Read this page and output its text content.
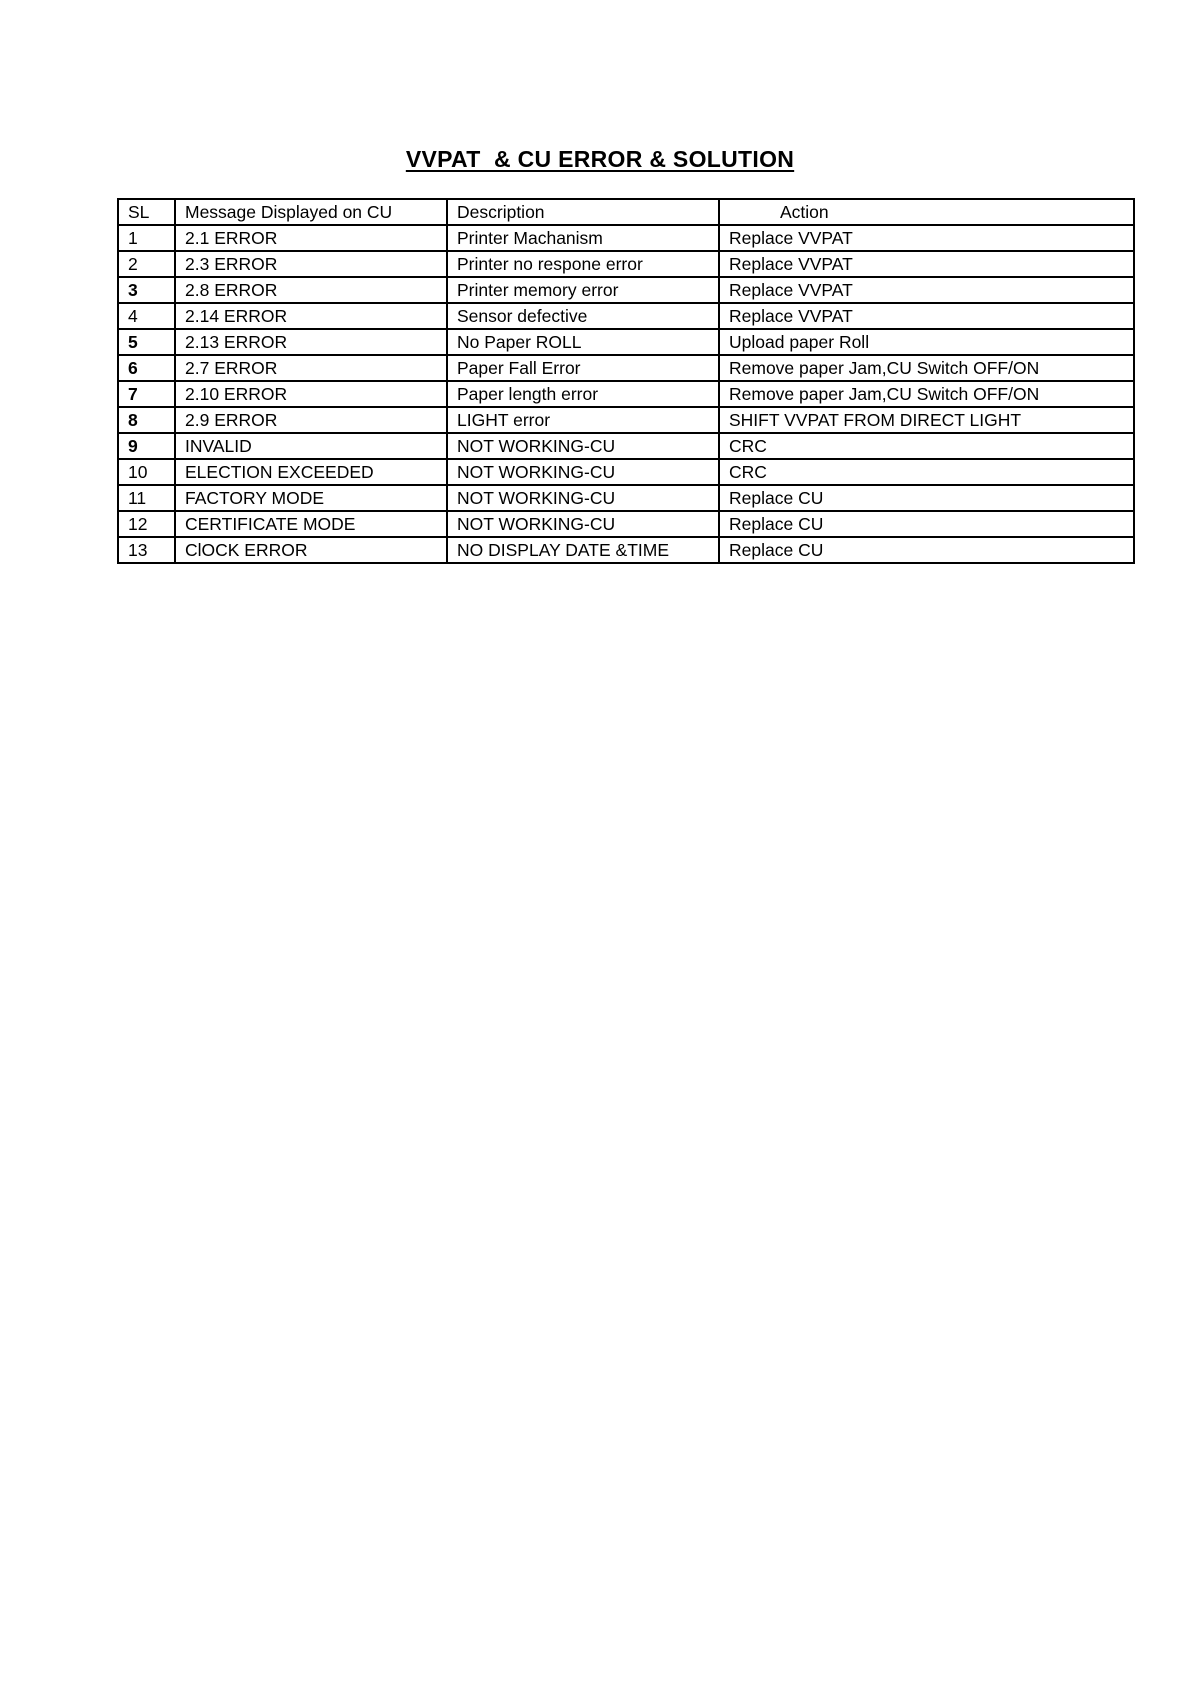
VVPAT  & CU ERROR & SOLUTION
SL	Message Displayed on CU	Description	Action
1	2.1 ERROR	Printer Machanism	Replace VVPAT
2	2.3 ERROR	Printer no respone error	Replace VVPAT
3	2.8 ERROR	Printer memory error	Replace VVPAT
4	2.14 ERROR	Sensor defective	Replace VVPAT
5	2.13 ERROR	No Paper ROLL	Upload paper Roll
6	2.7 ERROR	Paper Fall Error	Remove paper Jam,CU Switch OFF/ON
7	2.10 ERROR	Paper length error	Remove paper Jam,CU Switch OFF/ON
8	2.9 ERROR	LIGHT error	SHIFT VVPAT FROM DIRECT LIGHT
9	INVALID	NOT WORKING-CU	CRC
10	ELECTION EXCEEDED	NOT WORKING-CU	CRC
11	FACTORY MODE	NOT WORKING-CU	Replace CU
12	CERTIFICATE MODE	NOT WORKING-CU	Replace CU
13	ClOCK ERROR	NO DISPLAY DATE &TIME	Replace CU
